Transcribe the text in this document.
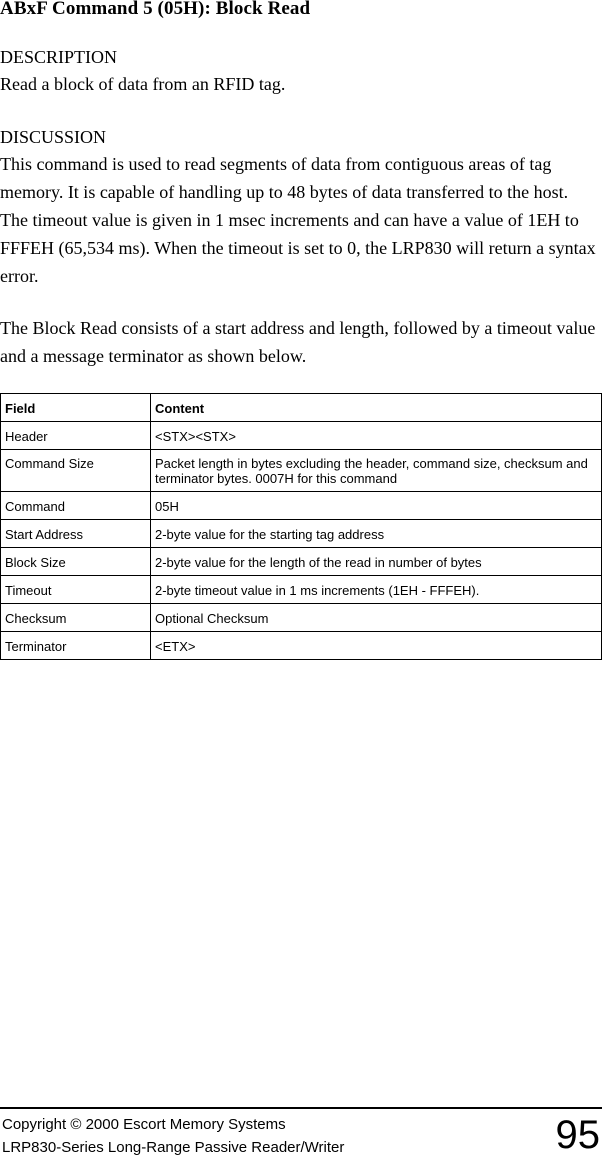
ABxF Command 5 (05H): Block Read
DESCRIPTION
Read a block of data from an RFID tag.
DISCUSSION
This command is used to read segments of data from contiguous areas of tag memory. It is capable of handling up to 48 bytes of data transferred to the host. The timeout value is given in 1 msec increments and can have a value of 1EH to FFFEH (65,534 ms). When the timeout is set to 0, the LRP830 will return a syntax error.
The Block Read consists of a start address and length, followed by a timeout value and a message terminator as shown below.
Field	Content
Header	<STX><STX>
Command Size	Packet length in bytes excluding the header, command size, checksum and terminator bytes. 0007H for this command
Command	05H
Start Address	2-byte value for the starting tag address
Block Size	2-byte value for the length of the read in number of bytes
Timeout	2-byte timeout value in 1 ms increments (1EH - FFFEH).
Checksum	Optional Checksum
Terminator	<ETX>
Copyright © 2000 Escort Memory Systems
LRP830-Series Long-Range Passive Reader/Writer	95
